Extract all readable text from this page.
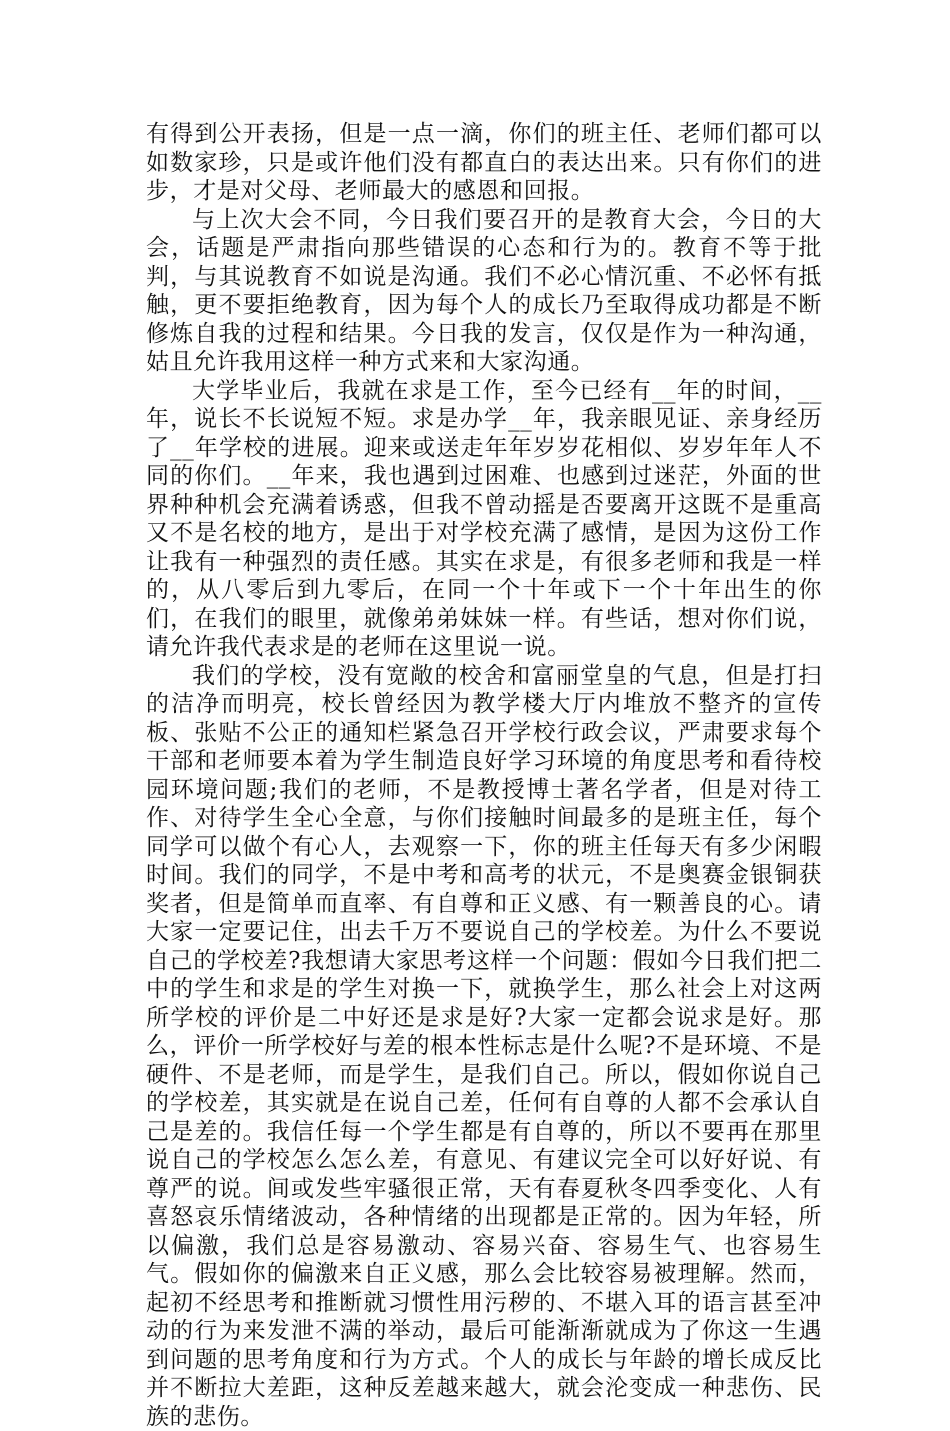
有得到公开表扬，但是一点一滴，你们的班主任、老师们都可以如数家珍，只是或许他们没有都直白的表达出来。只有你们的进步，才是对父母、老师最大的感恩和回报。

与上次大会不同，今日我们要召开的是教育大会，今日的大会，话题是严肃指向那些错误的心态和行为的。教育不等于批判，与其说教育不如说是沟通。我们不必心情沉重、不必怀有抵触，更不要拒绝教育，因为每个人的成长乃至取得成功都是不断修炼自我的过程和结果。今日我的发言，仅仅是作为一种沟通，姑且允许我用这样一种方式来和大家沟通。

大学毕业后，我就在求是工作，至今已经有__年的时间，__年，说长不长说短不短。求是办学__年，我亲眼见证、亲身经历了__年学校的进展。迎来或送走年年岁岁花相似、岁岁年年人不同的你们。__年来，我也遇到过困难、也感到过迷茫，外面的世界种种机会充满着诱惑，但我不曾动摇是否要离开这既不是重高又不是名校的地方，是出于对学校充满了感情，是因为这份工作让我有一种强烈的责任感。其实在求是，有很多老师和我是一样的，从八零后到九零后，在同一个十年或下一个十年出生的你们，在我们的眼里，就像弟弟妹妹一样。有些话，想对你们说，请允许我代表求是的老师在这里说一说。

我们的学校，没有宽敞的校舍和富丽堂皇的气息，但是打扫的洁净而明亮，校长曾经因为教学楼大厅内堆放不整齐的宣传板、张贴不公正的通知栏紧急召开学校行政会议，严肃要求每个干部和老师要本着为学生制造良好学习环境的角度思考和看待校园环境问题;我们的老师，不是教授博士著名学者，但是对待工作、对待学生全心全意，与你们接触时间最多的是班主任，每个同学可以做个有心人，去观察一下，你的班主任每天有多少闲暇时间。我们的同学，不是中考和高考的状元，不是奥赛金银铜获奖者，但是简单而直率、有自尊和正义感、有一颗善良的心。请大家一定要记住，出去千万不要说自己的学校差。为什么不要说自己的学校差?我想请大家思考这样一个问题：假如今日我们把二中的学生和求是的学生对换一下，就换学生，那么社会上对这两所学校的评价是二中好还是求是好?大家一定都会说求是好。那么，评价一所学校好与差的根本性标志是什么呢?不是环境、不是硬件、不是老师，而是学生，是我们自己。所以，假如你说自己的学校差，其实就是在说自己差，任何有自尊的人都不会承认自己是差的。我信任每一个学生都是有自尊的，所以不要再在那里说自己的学校怎么怎么差，有意见、有建议完全可以好好说、有尊严的说。间或发些牢骚很正常，天有春夏秋冬四季变化、人有喜怒哀乐情绪波动，各种情绪的出现都是正常的。因为年轻，所以偏激，我们总是容易激动、容易兴奋、容易生气、也容易生气。假如你的偏激来自正义感，那么会比较容易被理解。然而，起初不经思考和推断就习惯性用污秽的、不堪入耳的语言甚至冲动的行为来发泄不满的举动，最后可能渐渐就成为了你这一生遇到问题的思考角度和行为方式。个人的成长与年龄的增长成反比并不断拉大差距，这种反差越来越大，就会沦变成一种悲伤、民族的悲伤。
